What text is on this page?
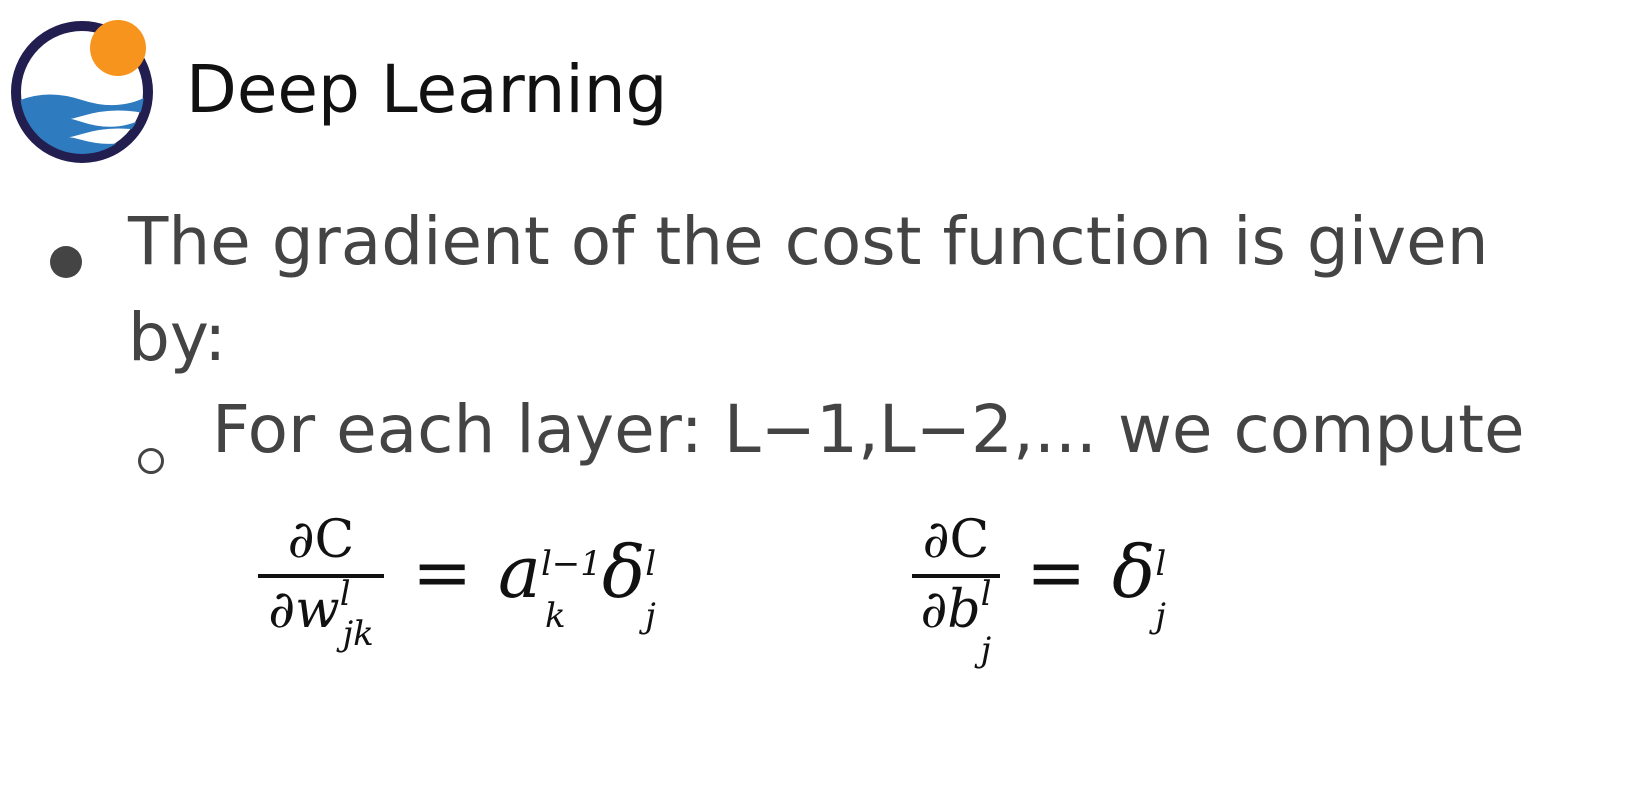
Deep Learning
The gradient of the cost function is given
by:
For each layer: L−1,L−2,... we compute
∂C
$\partial w^l_{jk}$
= $a^{l-1}$
k
$\delta^l$
j
∂C
$\partial b^l$
j
= $\delta^l$
j
